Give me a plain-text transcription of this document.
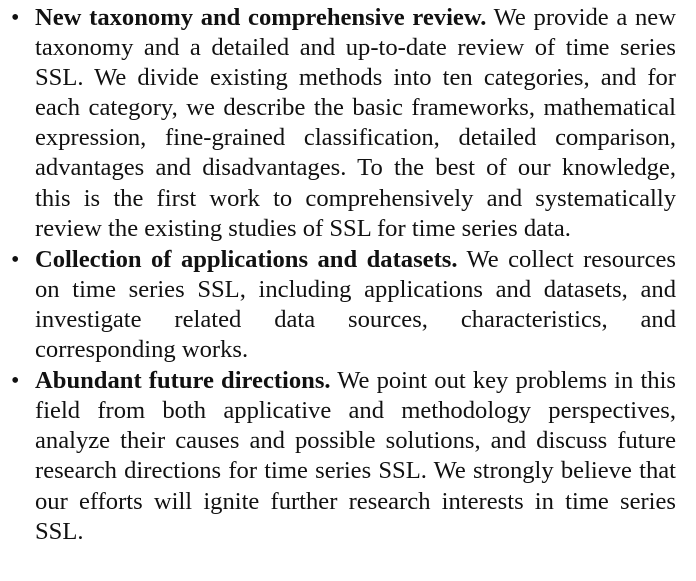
• New taxonomy and comprehensive review. We provide a new taxonomy and a detailed and up-to-date review of time series SSL. We divide existing methods into ten categories, and for each category, we describe the basic frameworks, mathematical expression, fine-grained classification, detailed comparison, advantages and disadvantages. To the best of our knowledge, this is the first work to comprehensively and systematically review the existing studies of SSL for time series data.
• Collection of applications and datasets. We collect resources on time series SSL, including applications and datasets, and investigate related data sources, characteristics, and corresponding works.
• Abundant future directions. We point out key problems in this field from both applicative and methodology perspectives, analyze their causes and possible solutions, and discuss future research directions for time series SSL. We strongly believe that our efforts will ignite further research interests in time series SSL.
